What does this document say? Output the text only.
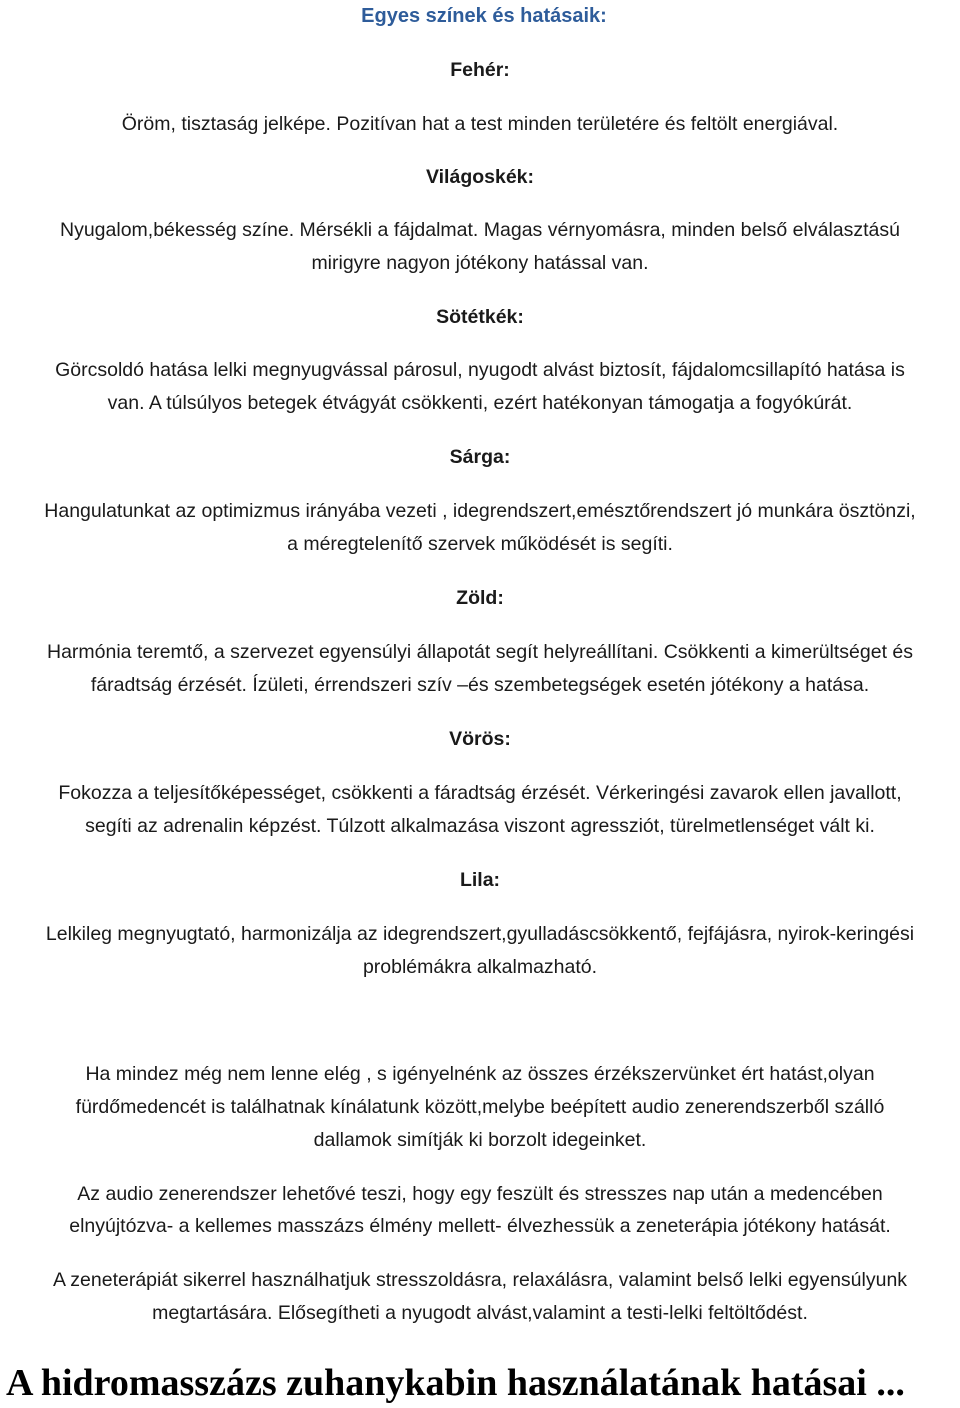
Egyes színek és hatásaik:
Fehér:
Öröm, tisztaság jelképe. Pozitívan hat a test minden területére és feltölt energiával.
Világoskék:
Nyugalom,békesség színe. Mérsékli a fájdalmat. Magas vérnyomásra, minden belső elválasztású
mirigyre nagyon jótékony hatással van.
Sötétkék:
Görcsoldó hatása lelki megnyugvással párosul, nyugodt alvást biztosít, fájdalomcsillapító hatása is
van. A túlsúlyos betegek étvágyát csökkenti, ezért hatékonyan támogatja a fogyókúrát.
Sárga:
Hangulatunkat az optimizmus irányába vezeti , idegrendszert,emésztőrendszert jó munkára ösztönzi,
a méregtelenítő szervek működését is segíti.
Zöld:
Harmónia teremtő, a szervezet egyensúlyi állapotát segít helyreállítani. Csökkenti a kimerültséget és
fáradtság érzését. Ízületi, érrendszeri szív –és szembetegségek esetén jótékony a hatása.
Vörös:
Fokozza a teljesítőképességet, csökkenti a fáradtság érzését. Vérkeringési zavarok ellen javallott,
segíti az adrenalin képzést. Túlzott alkalmazása viszont agressziót, türelmetlenséget vált ki.
Lila:
Lelkileg megnyugtató, harmonizálja az idegrendszert,gyulladáscsökkentő, fejfájásra, nyirok-keringési
problémákra alkalmazható.
Ha mindez még nem lenne elég , s igényelnénk az összes érzékszervünket ért hatást,olyan
fürdőmedencét is találhatnak kínálatunk között,melybe beépített audio zenerendszerből szálló
dallamok simítják ki borzolt idegeinket.
Az audio zenerendszer lehetővé teszi, hogy egy feszült és stresszes nap után a medencében
elnyújtózva- a kellemes masszázs élmény mellett- élvezhessük a zeneterápia jótékony hatását.
A zeneterápiát sikerrel használhatjuk stresszoldásra, relaxálásra, valamint belső lelki egyensúlyunk
megtartására. Elősegítheti a nyugodt alvást,valamint a testi-lelki feltöltődést.
A hidromasszázs zuhanykabin használatának hatásai ...
